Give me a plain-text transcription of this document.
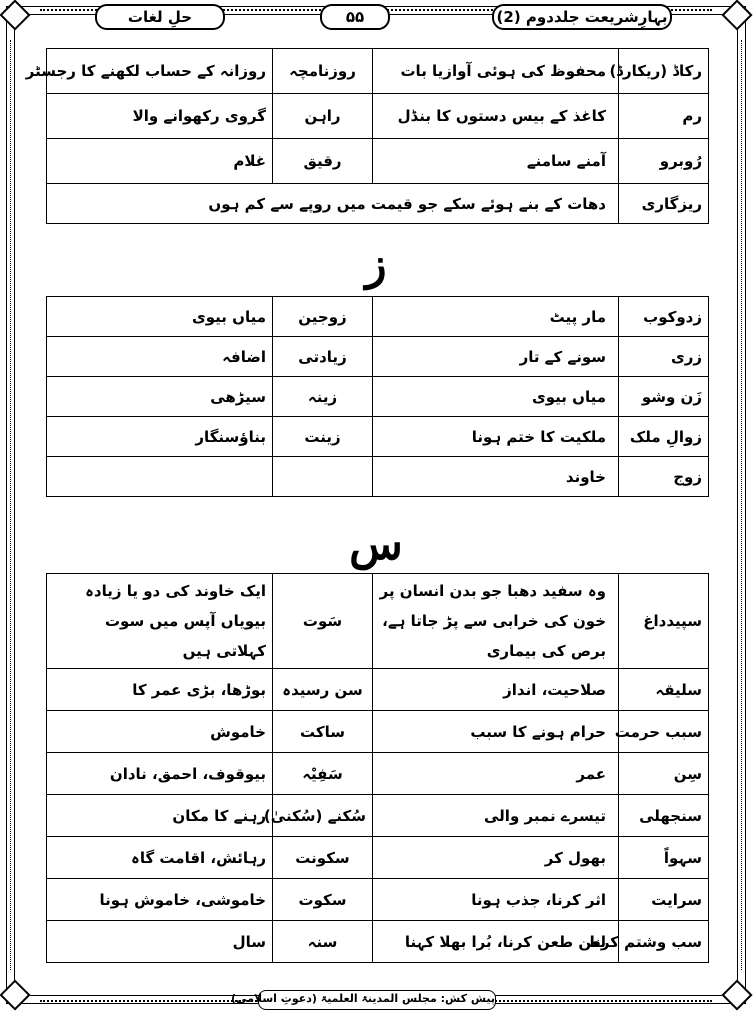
حلِ لغات	۵۵	بہارِشریعت جلددوم (2)
رکاڈ (ریکارڈ)	محفوظ کی ہوئی آوازیا بات	روزنامچہ	روزانہ کے حساب لکھنے کا رجسٹر
رم	کاغذ کے بیس دستوں کا بنڈل	راہن	گروی رکھوانے والا
رُوبرو	آمنے سامنے	رقیق	غلام
ریزگاری	دھات کے بنے ہوئے سکے جو قیمت میں روپے سے کم ہوں		
ز
زدوکوب	مار پیٹ	زوجین	میاں بیوی
زری	سونے کے تار	زیادتی	اضافہ
زَن وشو	میاں بیوی	زینہ	سیڑھی
زوالِ ملک	ملکیت کا ختم ہونا	زینت	بناؤسنگار
زوج	خاوند		
س
سپیدداغ	وہ سفید دھبا جو بدن انسان پر خون کی خرابی سے پڑ جاتا ہے، برص کی بیماری	سَوت	ایک خاوند کی دو یا زیادہ بیویاں آپس میں سوت کہلاتی ہیں
سلیقہ	صلاحیت، انداز	سن رسیدہ	بوڑھا، بڑی عمر کا
سبب حرمت	حرام ہونے کا سبب	ساکت	خاموش
سِن	عمر	سَفِیْہ	بیوقوف، احمق، نادان
سنجھلی	تیسرے نمبر والی	سُکنے (سُکنیٰ)	رہنے کا مکان
سہواً	بھول کر	سکونت	رہائش، اقامت گاہ
سرایت	اثر کرنا، جذب ہونا	سکوت	خاموشی، خاموش ہونا
سب وشتم کرنا	لعن طعن کرنا، بُرا بھلا کہنا	سنہ	سال
پیش کش: مجلس المدینۃ العلمیۃ (دعوتِ اسلامی)
